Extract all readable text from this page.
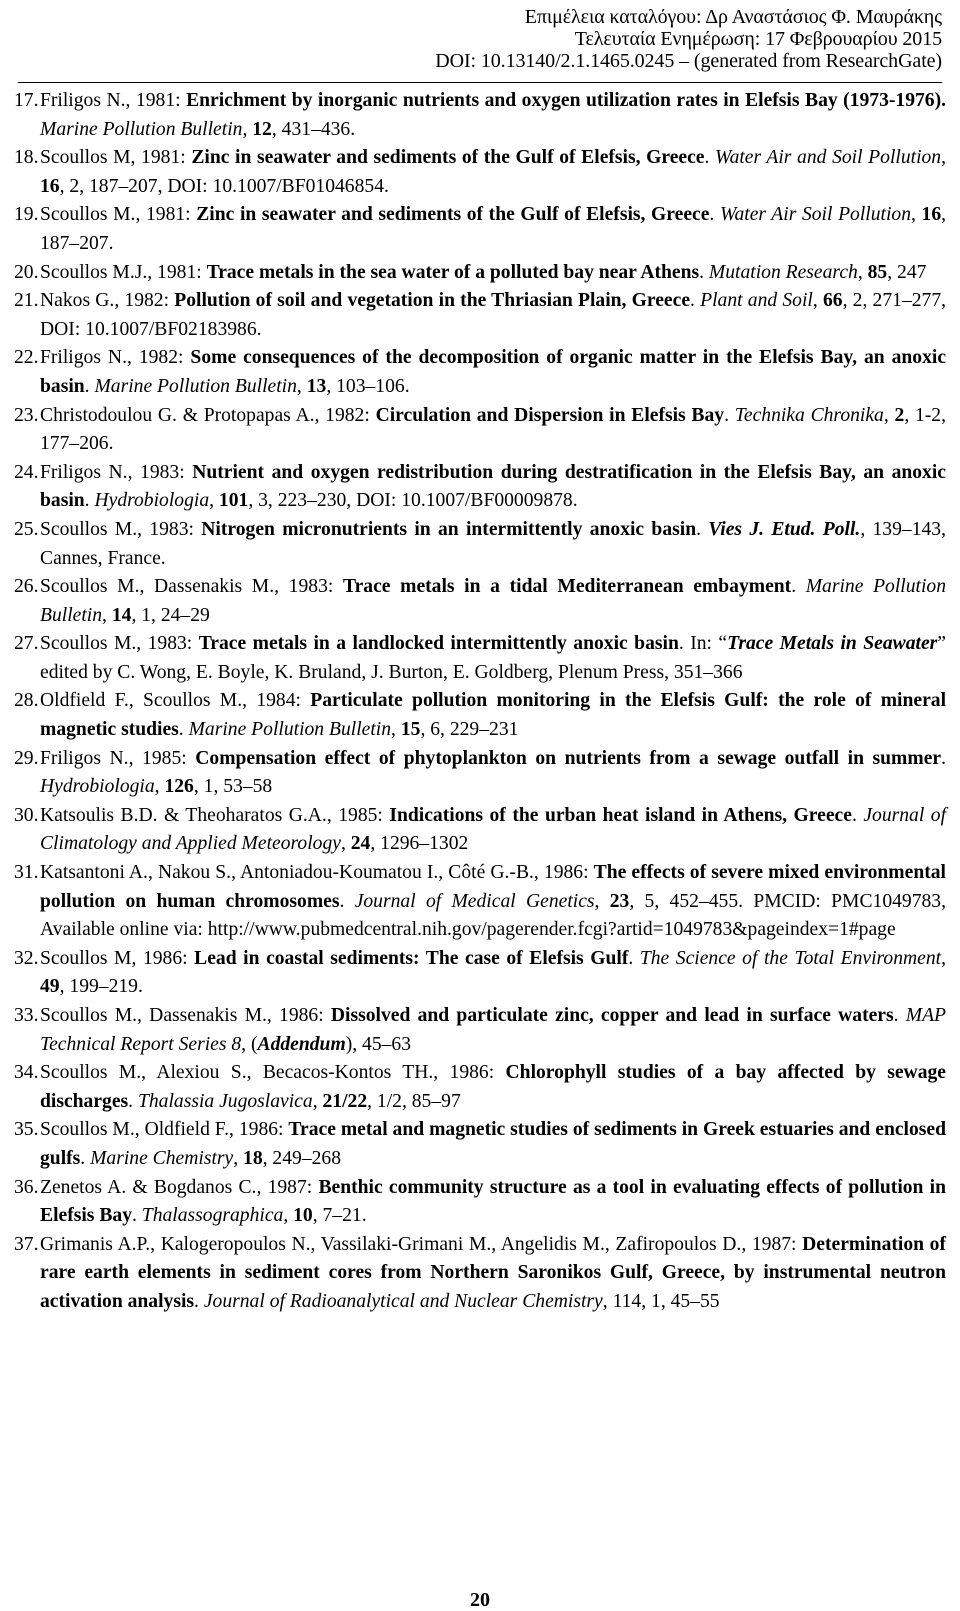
Επιμέλεια καταλόγου: Δρ Αναστάσιος Φ. Μαυράκης
Τελευταία Ενημέρωση: 17 Φεβρουαρίου 2015
DOI: 10.13140/2.1.1465.0245 – (generated from ResearchGate)
17. Friligos N., 1981: Enrichment by inorganic nutrients and oxygen utilization rates in Elefsis Bay (1973-1976). Marine Pollution Bulletin, 12, 431–436.
18. Scoullos M, 1981: Zinc in seawater and sediments of the Gulf of Elefsis, Greece. Water Air and Soil Pollution, 16, 2, 187–207, DOI: 10.1007/BF01046854.
19. Scoullos M., 1981: Zinc in seawater and sediments of the Gulf of Elefsis, Greece. Water Air Soil Pollution, 16, 187–207.
20. Scoullos M.J., 1981: Trace metals in the sea water of a polluted bay near Athens. Mutation Research, 85, 247
21. Nakos G., 1982: Pollution of soil and vegetation in the Thriasian Plain, Greece. Plant and Soil, 66, 2, 271–277, DOI: 10.1007/BF02183986.
22. Friligos N., 1982: Some consequences of the decomposition of organic matter in the Elefsis Bay, an anoxic basin. Marine Pollution Bulletin, 13, 103–106.
23. Christodoulou G. & Protopapas A., 1982: Circulation and Dispersion in Elefsis Bay. Technika Chronika, 2, 1-2, 177–206.
24. Friligos N., 1983: Nutrient and oxygen redistribution during destratification in the Elefsis Bay, an anoxic basin. Hydrobiologia, 101, 3, 223–230, DOI: 10.1007/BF00009878.
25. Scoullos M., 1983: Nitrogen micronutrients in an intermittently anoxic basin. Vies J. Etud. Poll., 139–143, Cannes, France.
26. Scoullos M., Dassenakis M., 1983: Trace metals in a tidal Mediterranean embayment. Marine Pollution Bulletin, 14, 1, 24–29
27. Scoullos M., 1983: Trace metals in a landlocked intermittently anoxic basin. In: “Trace Metals in Seawater” edited by C. Wong, E. Boyle, K. Bruland, J. Burton, E. Goldberg, Plenum Press, 351–366
28. Oldfield F., Scoullos M., 1984: Particulate pollution monitoring in the Elefsis Gulf: the role of mineral magnetic studies. Marine Pollution Bulletin, 15, 6, 229–231
29. Friligos N., 1985: Compensation effect of phytoplankton on nutrients from a sewage outfall in summer. Hydrobiologia, 126, 1, 53–58
30. Katsoulis B.D. & Theoharatos G.A., 1985: Indications of the urban heat island in Athens, Greece. Journal of Climatology and Applied Meteorology, 24, 1296–1302
31. Katsantoni A., Nakou S., Antoniadou-Koumatou I., Côté G.-B., 1986: The effects of severe mixed environmental pollution on human chromosomes. Journal of Medical Genetics, 23, 5, 452–455. PMCID: PMC1049783, Available online via: http://www.pubmedcentral.nih.gov/pagerender.fcgi?artid=1049783&pageindex=1#page
32. Scoullos M, 1986: Lead in coastal sediments: The case of Elefsis Gulf. The Science of the Total Environment, 49, 199–219.
33. Scoullos M., Dassenakis M., 1986: Dissolved and particulate zinc, copper and lead in surface waters. MAP Technical Report Series 8, (Addendum), 45–63
34. Scoullos M., Alexiou S., Becacos-Kontos TH., 1986: Chlorophyll studies of a bay affected by sewage discharges. Thalassia Jugoslavica, 21/22, 1/2, 85–97
35. Scoullos M., Oldfield F., 1986: Trace metal and magnetic studies of sediments in Greek estuaries and enclosed gulfs. Marine Chemistry, 18, 249–268
36. Zenetos A. & Bogdanos C., 1987: Benthic community structure as a tool in evaluating effects of pollution in Elefsis Bay. Thalassographica, 10, 7–21.
37. Grimanis A.P., Kalogeropoulos N., Vassilaki-Grimani M., Angelidis M., Zafiropoulos D., 1987: Determination of rare earth elements in sediment cores from Northern Saronikos Gulf, Greece, by instrumental neutron activation analysis. Journal of Radioanalytical and Nuclear Chemistry, 114, 1, 45–55
20
